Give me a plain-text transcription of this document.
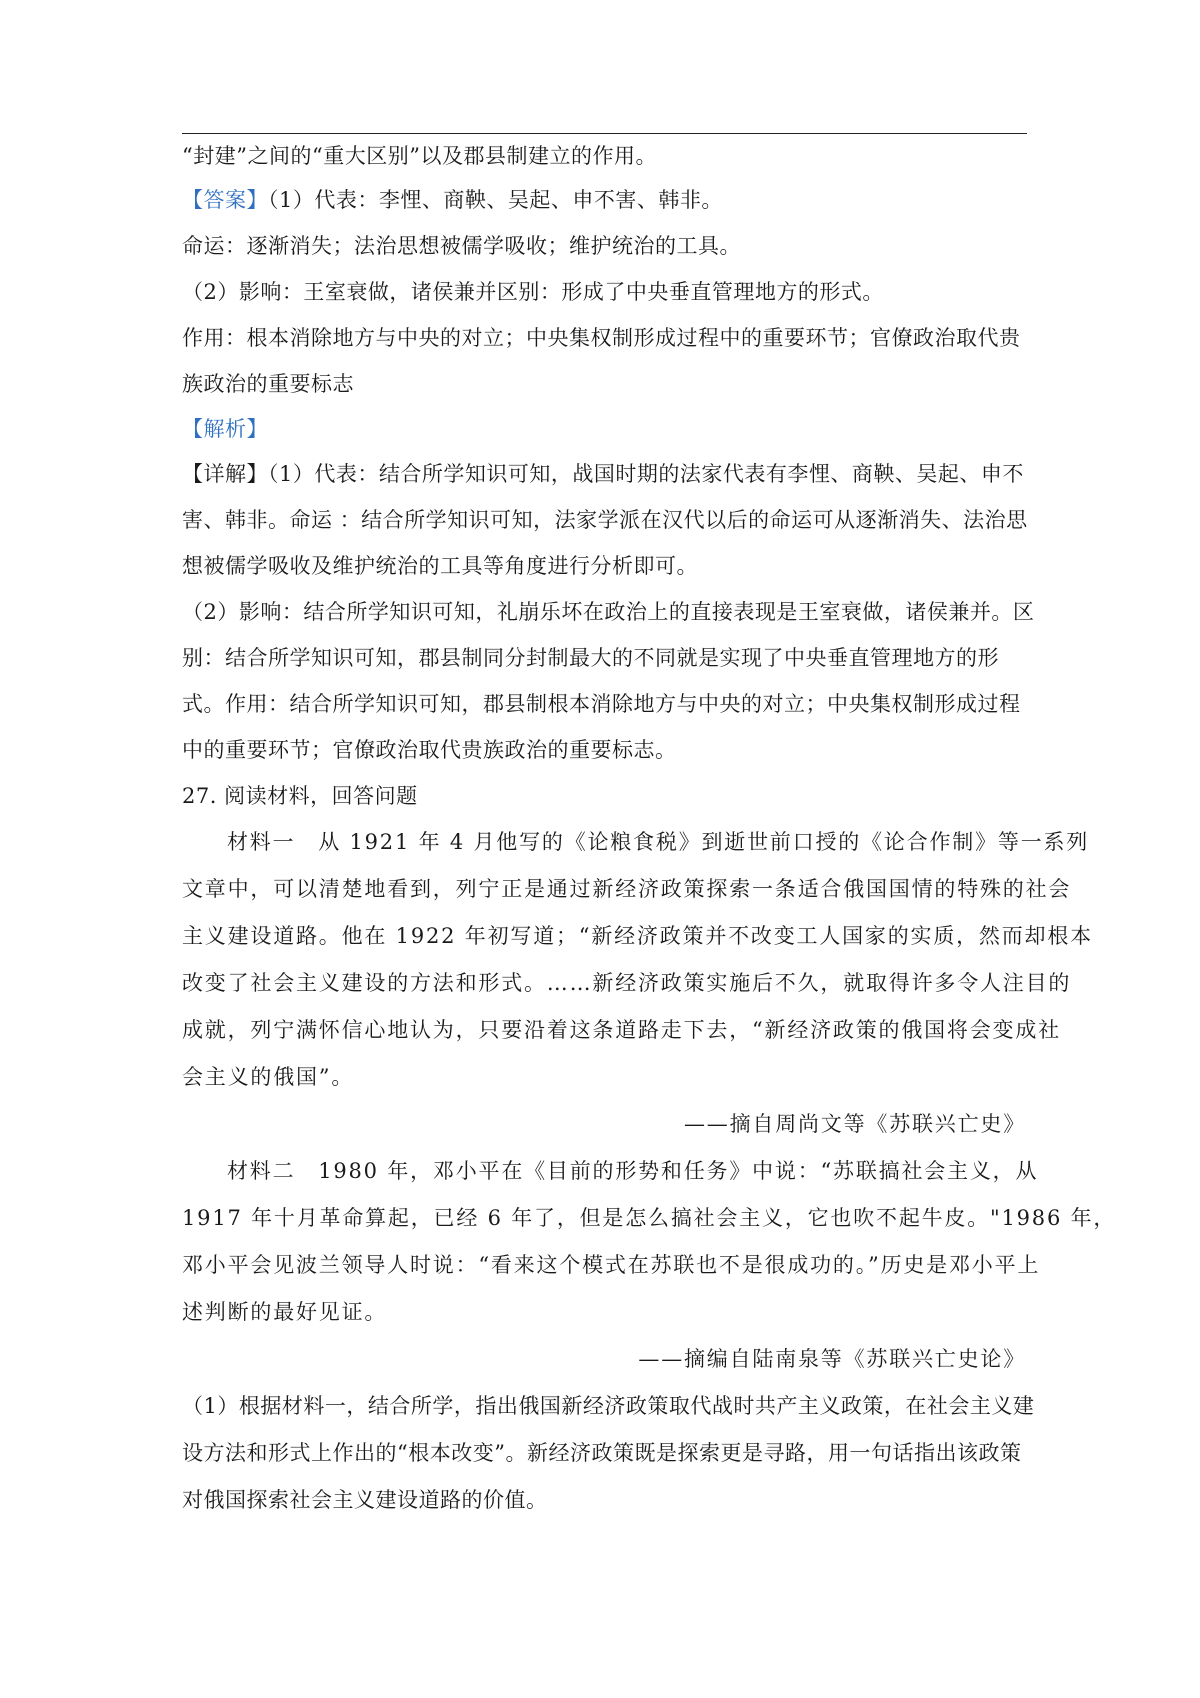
“封建”之间的“重大区别”以及郡县制建立的作用。
【答案】（1）代表：李悝、商鞅、吴起、申不害、韩非。
命运：逐渐消失；法治思想被儒学吸收；维护统治的工具。
（2）影响：王室衰做，诸侯兼并区别：形成了中央垂直管理地方的形式。
作用：根本消除地方与中央的对立；中央集权制形成过程中的重要环节；官僚政治取代贵
族政治的重要标志
【解析】
【详解】（1）代表：结合所学知识可知，战国时期的法家代表有李悝、商鞅、吴起、申不
害、韩非。命运 ：结合所学知识可知，法家学派在汉代以后的命运可从逐渐消失、法治思
想被儒学吸收及维护统治的工具等角度进行分析即可。
（2）影响：结合所学知识可知，礼崩乐坏在政治上的直接表现是王室衰做，诸侯兼并。区
别：结合所学知识可知，郡县制同分封制最大的不同就是实现了中央垂直管理地方的形
式。作用：结合所学知识可知，郡县制根本消除地方与中央的对立；中央集权制形成过程
中的重要环节；官僚政治取代贵族政治的重要标志。
27. 阅读材料，回答问题
材料一　从 1921 年 4 月他写的《论粮食税》到逝世前口授的《论合作制》等一系列
文章中，可以清楚地看到，列宁正是通过新经济政策探索一条适合俄国国情的特殊的社会
主义建设道路。他在 1922 年初写道；“新经济政策并不改变工人国家的实质，然而却根本
改变了社会主义建设的方法和形式。……新经济政策实施后不久，就取得许多令人注目的
成就，列宁满怀信心地认为，只要沿着这条道路走下去，“新经济政策的俄国将会变成社
会主义的俄国”。
——摘自周尚文等《苏联兴亡史》
材料二　1980 年，邓小平在《目前的形势和任务》中说：“苏联搞社会主义，从
1917 年十月革命算起，已经 6 年了，但是怎么搞社会主义，它也吹不起牛皮。"1986 年，
邓小平会见波兰领导人时说：“看来这个模式在苏联也不是很成功的。”历史是邓小平上
述判断的最好见证。
——摘编自陆南泉等《苏联兴亡史论》
（1）根据材料一，结合所学，指出俄国新经济政策取代战时共产主义政策，在社会主义建
设方法和形式上作出的“根本改变”。新经济政策既是探索更是寻路，用一句话指出该政策
对俄国探索社会主义建设道路的价值。
